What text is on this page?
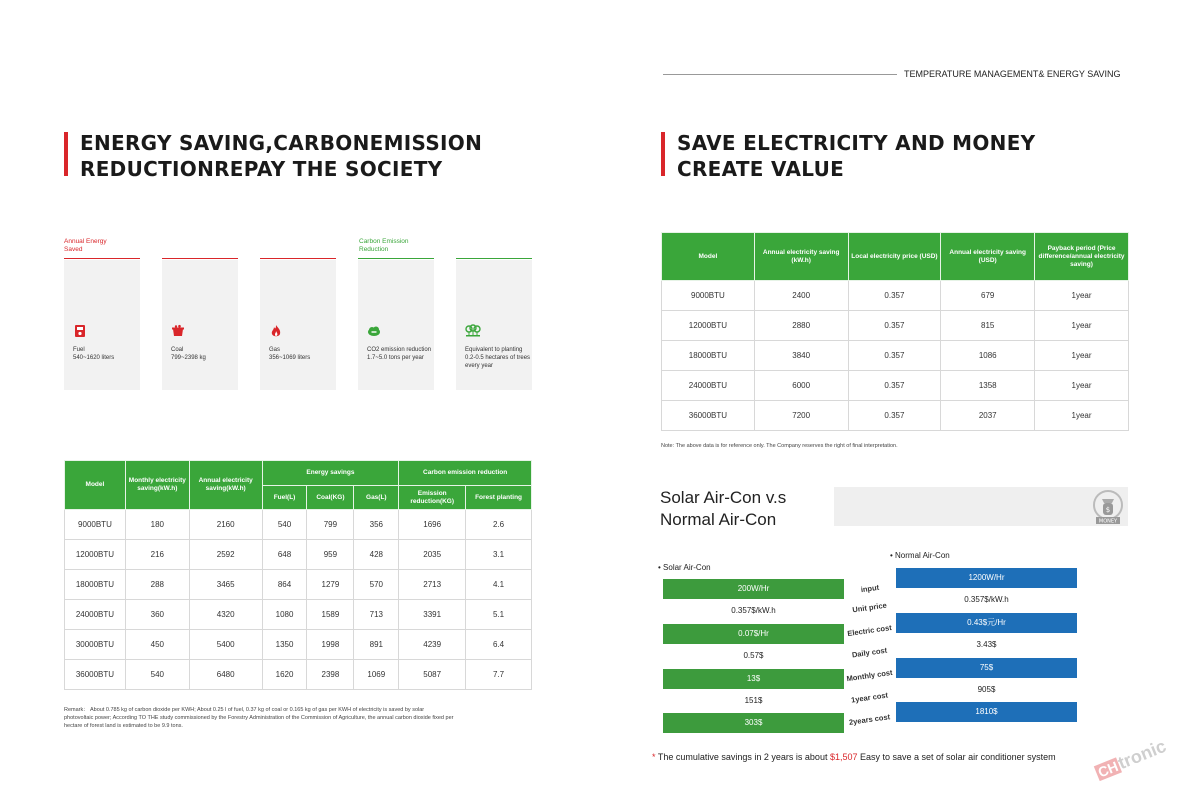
TEMPERATURE MANAGEMENT& ENERGY SAVING
ENERGY SAVING,CARBONEMISSION
REDUCTIONREPAY THE SOCIETY
SAVE ELECTRICITY AND MONEY
CREATE VALUE
Annual Energy Saved
Carbon Emission Reduction
Fuel
540~1620 liters
Coal
799~2398 kg
Gas
356~1069 liters
CO2 emission reduction 1.7~5.0 tons per year
Equivalent to planting 0.2-0.5 hectares of trees every year
Model	Monthly electricity saving(kW.h)	Annual electricity saving(kW.h)	Energy savings			Carbon emission reduction	
			Fuel(L)	Coal(KG)	Gas(L)	Emission reduction(KG)	Forest planting
9000BTU	180	2160	540	799	356	1696	2.6
12000BTU	216	2592	648	959	428	2035	3.1
18000BTU	288	3465	864	1279	570	2713	4.1
24000BTU	360	4320	1080	1589	713	3391	5.1
30000BTU	450	5400	1350	1998	891	4239	6.4
36000BTU	540	6480	1620	2398	1069	5087	7.7
Remark： About 0.785 kg of carbon dioxide per KWH; About 0.25 l of fuel, 0.37 kg of coal or 0.165 kg of gas per KWH of electricity is saved by solar photovoltaic power; According TO THE study commissioned by the Forestry Administration of the Commission of Agriculture, the annual carbon dioxide fixed per hectare of forest land is estimated to be 9.9 tons.
Model	Annual electricity saving (kW.h)	Local electricity price (USD)	Annual electricity saving (USD)	Payback period (Price difference/annual electricity saving)
9000BTU	2400	0.357	679	1year
12000BTU	2880	0.357	815	1year
18000BTU	3840	0.357	1086	1year
24000BTU	6000	0.357	1358	1year
36000BTU	7200	0.357	2037	1year
Note: The above data is for reference only. The Company reserves the right of final interpretation.
Solar Air-Con v.s
Normal Air-Con	$
MONEY
• Solar Air-Con
• Normal Air-Con
200W/Hr	input
1200W/Hr
0.357$/kW.h	Unit price
0.357$/kW.h
0.07$/Hr	Electric cost
0.43$元/Hr
0.57$	Daily cost
3.43$
13$	Monthly cost
75$
151$	1year cost
905$
303$	2years cost
1810$
* The cumulative savings in 2 years is about $1,507 Easy to save a set of solar air conditioner system
CHtronic
